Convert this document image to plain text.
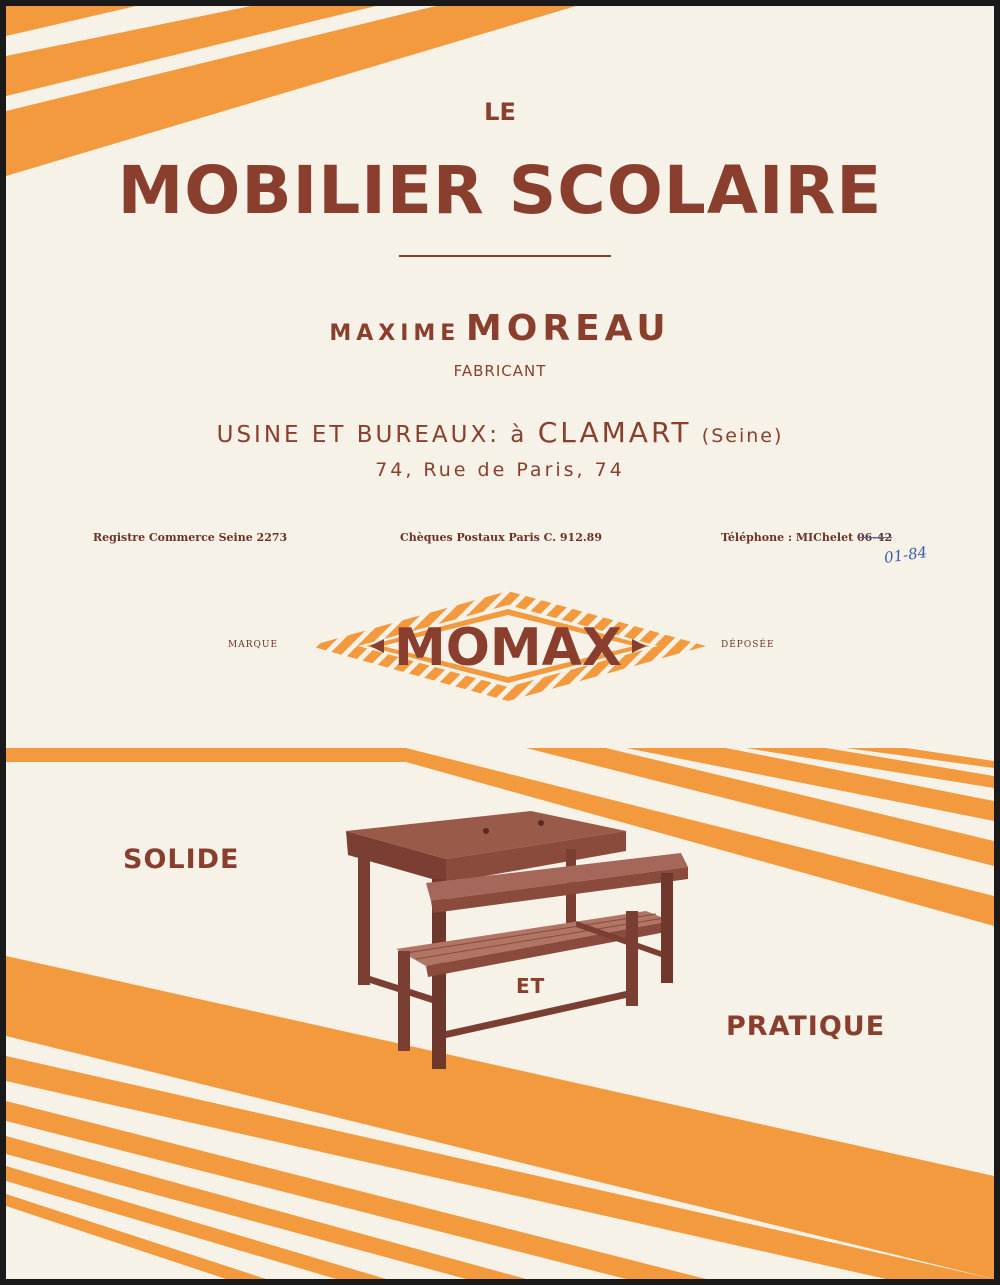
LE
MOBILIER SCOLAIRE
MAXIME MOREAU
FABRICANT
USINE ET BUREAUX: à CLAMART (Seine)
74, Rue de Paris, 74
Registre Commerce Seine 2273	Chèques Postaux Paris C. 912.89	Téléphone : MIChelet 06-42
01-84
MARQUE	DÉPOSÉE
MOMAX
SOLIDE
ET
PRATIQUE
